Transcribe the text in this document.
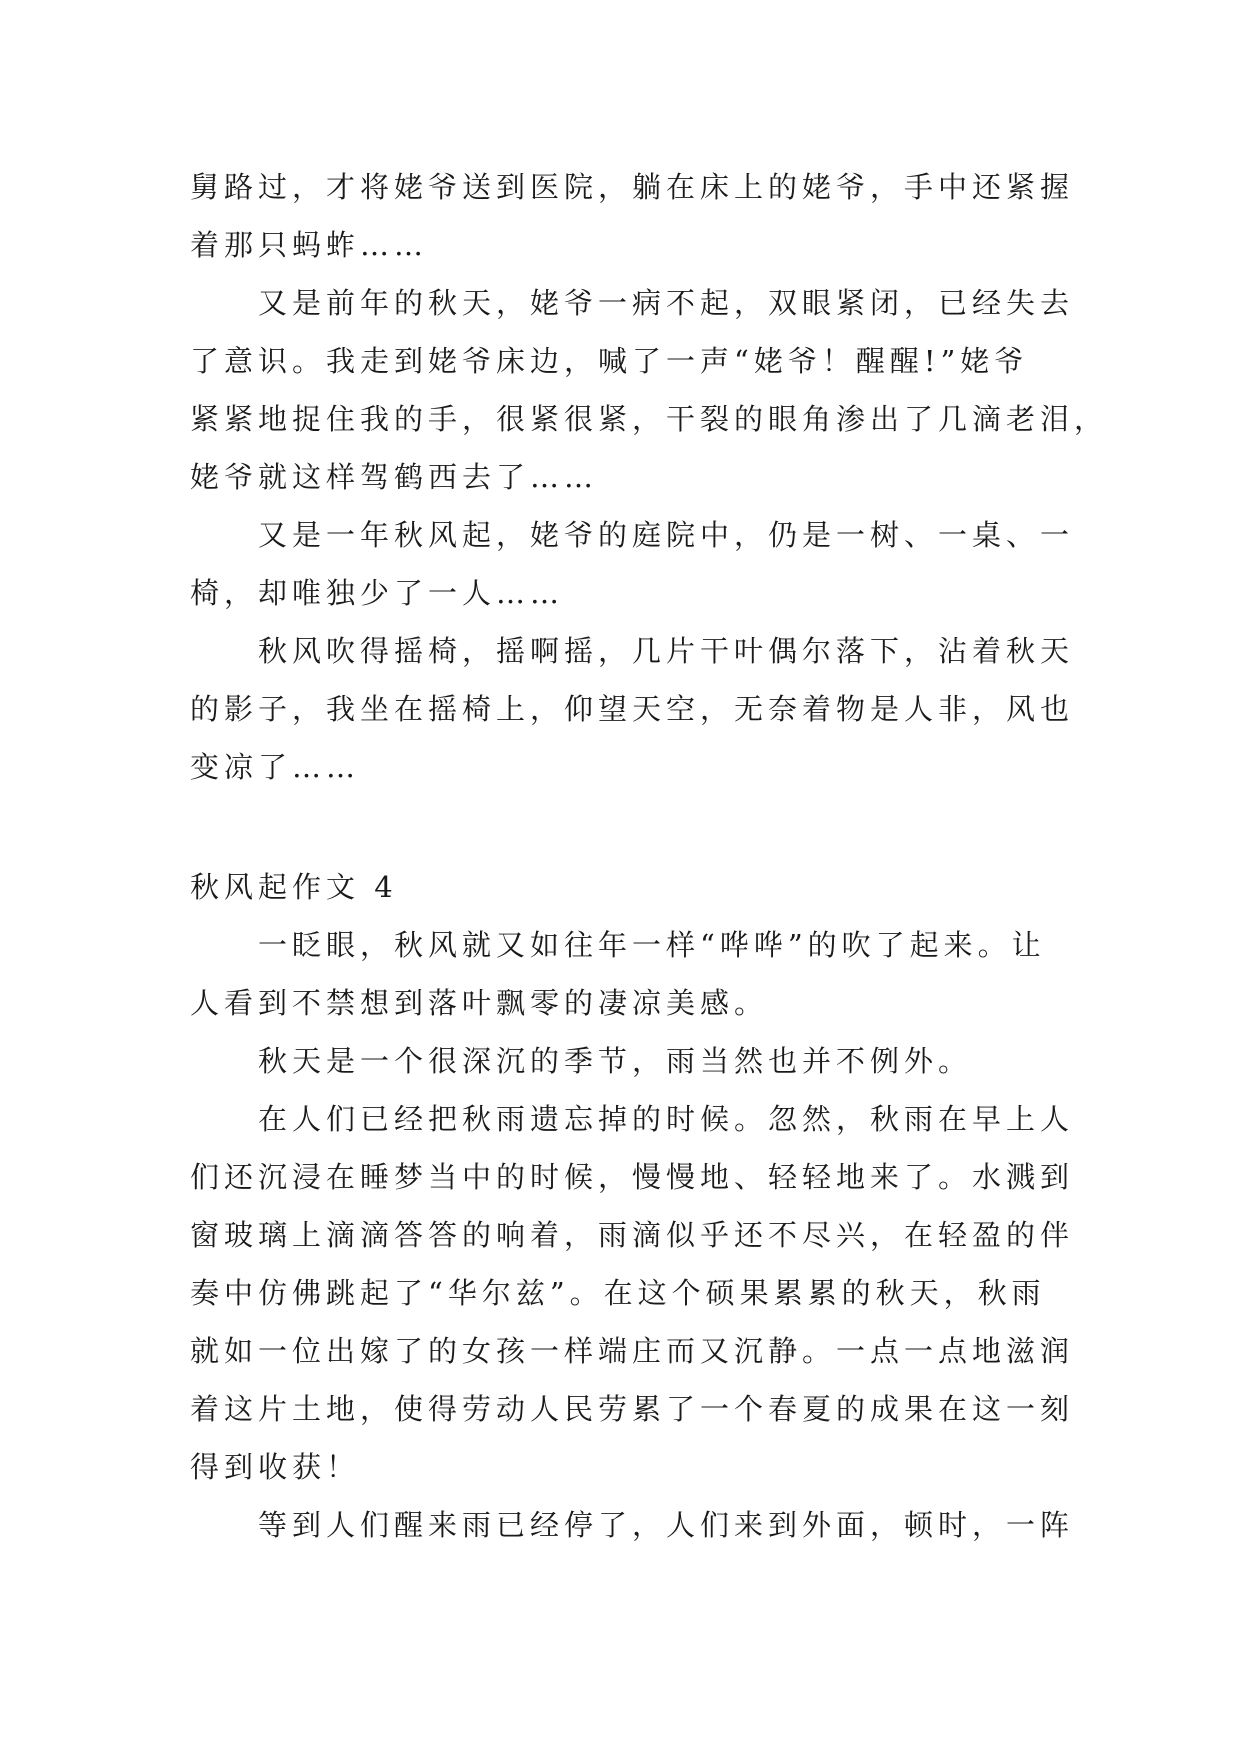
舅路过，才将姥爷送到医院，躺在床上的姥爷，手中还紧握
着那只蚂蚱……
又是前年的秋天，姥爷一病不起，双眼紧闭，已经失去
了意识。我走到姥爷床边，喊了一声“姥爷！醒醒!”姥爷
紧紧地捉住我的手，很紧很紧，干裂的眼角渗出了几滴老泪，
姥爷就这样驾鹤西去了……
又是一年秋风起，姥爷的庭院中，仍是一树、一桌、一
椅，却唯独少了一人……
秋风吹得摇椅，摇啊摇，几片干叶偶尔落下，沾着秋天
的影子，我坐在摇椅上，仰望天空，无奈着物是人非，风也
变凉了……
秋风起作文 4
一眨眼，秋风就又如往年一样“哗哗”的吹了起来。让
人看到不禁想到落叶飘零的凄凉美感。
秋天是一个很深沉的季节，雨当然也并不例外。
在人们已经把秋雨遗忘掉的时候。忽然，秋雨在早上人
们还沉浸在睡梦当中的时候，慢慢地、轻轻地来了。水溅到
窗玻璃上滴滴答答的响着，雨滴似乎还不尽兴，在轻盈的伴
奏中仿佛跳起了“华尔兹”。在这个硕果累累的秋天，秋雨
就如一位出嫁了的女孩一样端庄而又沉静。一点一点地滋润
着这片土地，使得劳动人民劳累了一个春夏的成果在这一刻
得到收获！
等到人们醒来雨已经停了，人们来到外面，顿时，一阵
